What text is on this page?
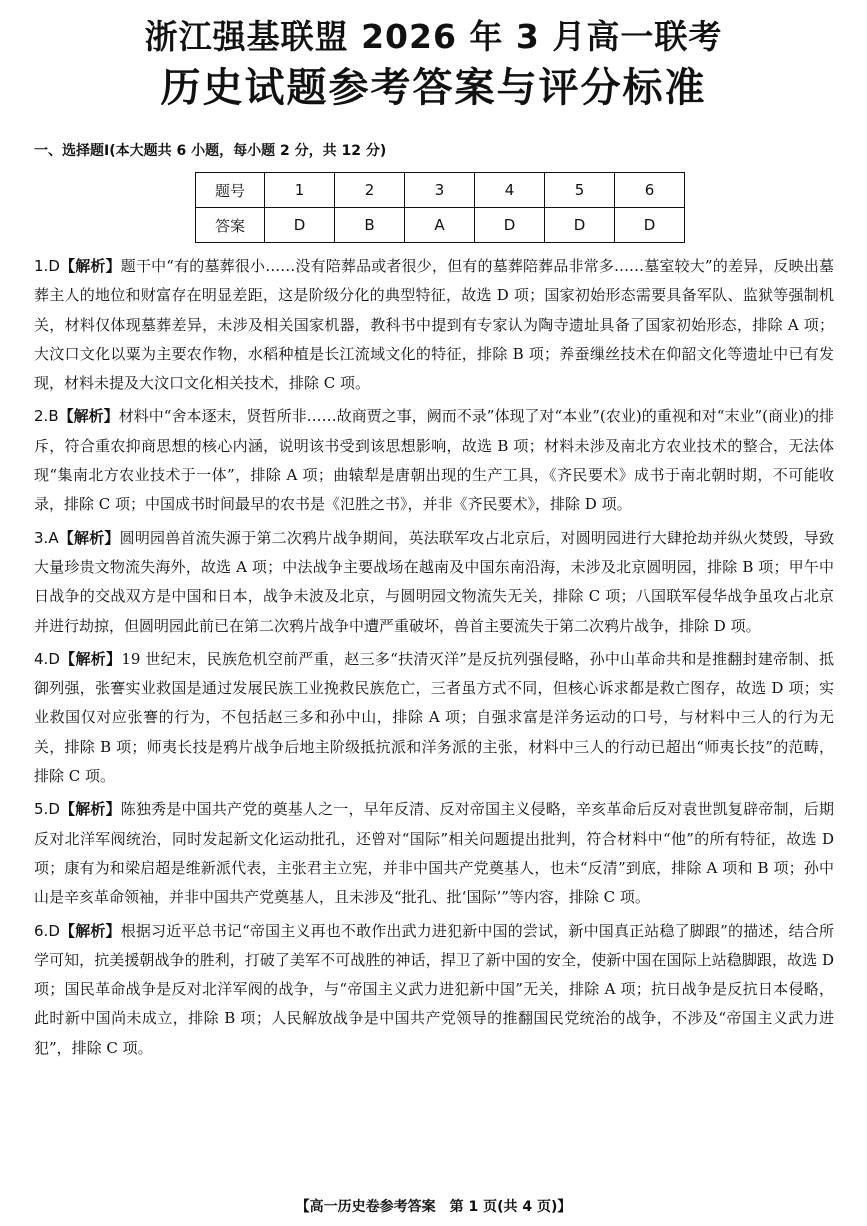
浙江强基联盟 2026 年 3 月高一联考
历史试题参考答案与评分标准
一、选择题Ⅰ(本大题共 6 小题，每小题 2 分，共 12 分)
题号	1	2	3	4	5	6
答案	D	B	A	D	D	D

1.D【解析】题干中“有的墓葬很小……没有陪葬品或者很少，但有的墓葬陪葬品非常多……墓室较大”的差异，反映出墓葬主人的地位和财富存在明显差距，这是阶级分化的典型特征，故选 D 项；国家初始形态需要具备军队、监狱等强制机关，材料仅体现墓葬差异，未涉及相关国家机器，教科书中提到有专家认为陶寺遗址具备了国家初始形态，排除 A 项；大汶口文化以粟为主要农作物，水稻种植是长江流域文化的特征，排除 B 项；养蚕缫丝技术在仰韶文化等遗址中已有发现，材料未提及大汶口文化相关技术，排除 C 项。

2.B【解析】材料中“舍本逐末，贤哲所非……故商贾之事，阙而不录”体现了对“本业”(农业)的重视和对“末业”(商业)的排斥，符合重农抑商思想的核心内涵，说明该书受到该思想影响，故选 B 项；材料未涉及南北方农业技术的整合，无法体现“集南北方农业技术于一体”，排除 A 项；曲辕犁是唐朝出现的生产工具，《齐民要术》成书于南北朝时期，不可能收录，排除 C 项；中国成书时间最早的农书是《氾胜之书》，并非《齐民要术》，排除 D 项。

3.A【解析】圆明园兽首流失源于第二次鸦片战争期间，英法联军攻占北京后，对圆明园进行大肆抢劫并纵火焚毁，导致大量珍贵文物流失海外，故选 A 项；中法战争主要战场在越南及中国东南沿海，未涉及北京圆明园，排除 B 项；甲午中日战争的交战双方是中国和日本，战争未波及北京，与圆明园文物流失无关，排除 C 项；八国联军侵华战争虽攻占北京并进行劫掠，但圆明园此前已在第二次鸦片战争中遭严重破坏，兽首主要流失于第二次鸦片战争，排除 D 项。

4.D【解析】19 世纪末，民族危机空前严重，赵三多“扶清灭洋”是反抗列强侵略，孙中山革命共和是推翻封建帝制、抵御列强，张謇实业救国是通过发展民族工业挽救民族危亡，三者虽方式不同，但核心诉求都是救亡图存，故选 D 项；实业救国仅对应张謇的行为，不包括赵三多和孙中山，排除 A 项；自强求富是洋务运动的口号，与材料中三人的行为无关，排除 B 项；师夷长技是鸦片战争后地主阶级抵抗派和洋务派的主张，材料中三人的行动已超出“师夷长技”的范畴，排除 C 项。

5.D【解析】陈独秀是中国共产党的奠基人之一，早年反清、反对帝国主义侵略，辛亥革命后反对袁世凯复辟帝制，后期反对北洋军阀统治，同时发起新文化运动批孔，还曾对“国际”相关问题提出批判，符合材料中“他”的所有特征，故选 D 项；康有为和梁启超是维新派代表，主张君主立宪，并非中国共产党奠基人，也未“反清”到底，排除 A 项和 B 项；孙中山是辛亥革命领袖，并非中国共产党奠基人，且未涉及“批孔、批‘国际’”等内容，排除 C 项。

6.D【解析】根据习近平总书记“帝国主义再也不敢作出武力进犯新中国的尝试，新中国真正站稳了脚跟”的描述，结合所学可知，抗美援朝战争的胜利，打破了美军不可战胜的神话，捍卫了新中国的安全，使新中国在国际上站稳脚跟，故选 D 项；国民革命战争是反对北洋军阀的战争，与“帝国主义武力进犯新中国”无关，排除 A 项；抗日战争是反抗日本侵略，此时新中国尚未成立，排除 B 项；人民解放战争是中国共产党领导的推翻国民党统治的战争，不涉及“帝国主义武力进犯”，排除 C 项。

【高一历史卷参考答案　第 1 页(共 4 页)】
